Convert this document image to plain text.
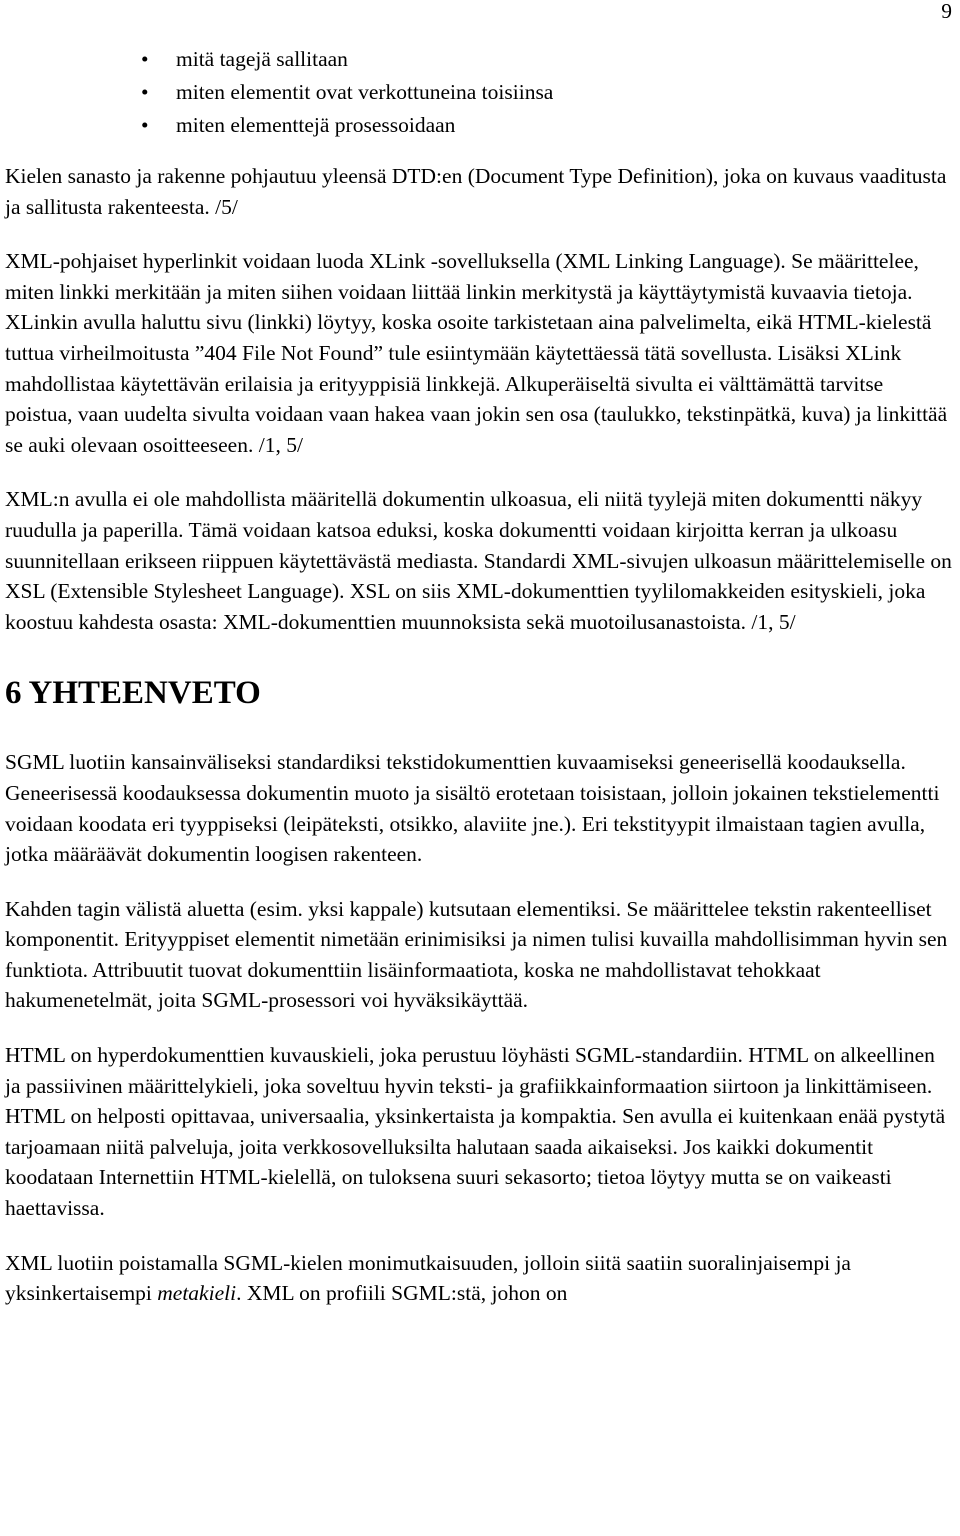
9
• mitä tagejä sallitaan
• miten elementit ovat verkottuneina toisiinsa
• miten elementtejä prosessoidaan

Kielen sanasto ja rakenne pohjautuu yleensä DTD:en (Document Type Definition), joka on kuvaus vaaditusta ja sallitusta rakenteesta. /5/

XML-pohjaiset hyperlinkit voidaan luoda XLink -sovelluksella (XML Linking Language). Se määrittelee, miten linkki merkitään ja miten siihen voidaan liittää linkin merkitystä ja käyttäytymistä kuvaavia tietoja. XLinkin avulla haluttu sivu (linkki) löytyy, koska osoite tarkistetaan aina palvelimelta, eikä HTML-kielestä tuttua virheilmoitusta ”404 File Not Found” tule esiintymään käytettäessä tätä sovellusta. Lisäksi XLink mahdollistaa käytettävän erilaisia ja erityyppisiä linkkejä. Alkuperäiseltä sivulta ei välttämättä tarvitse poistua, vaan uudelta sivulta voidaan vaan hakea vaan jokin sen osa (taulukko, tekstinpätkä, kuva) ja linkittää se auki olevaan osoitteeseen. /1, 5/

XML:n avulla ei ole mahdollista määritellä dokumentin ulkoasua, eli niitä tyylejä miten dokumentti näkyy ruudulla ja paperilla. Tämä voidaan katsoa eduksi, koska dokumentti voidaan kirjoitta kerran ja ulkoasu suunnitellaan erikseen riippuen käytettävästä mediasta. Standardi XML-sivujen ulkoasun määrittelemiselle on XSL (Extensible Stylesheet Language). XSL on siis XML-dokumenttien tyylilomakkeiden esityskieli, joka koostuu kahdesta osasta: XML-dokumenttien muunnoksista sekä muotoilusanastoista. /1, 5/

6 YHTEENVETO

SGML luotiin kansainväliseksi standardiksi tekstidokumenttien kuvaamiseksi geneerisellä koodauksella. Geneerisessä koodauksessa dokumentin muoto ja sisältö erotetaan toisistaan, jolloin jokainen tekstielementti voidaan koodata eri tyyppiseksi (leipäteksti, otsikko, alaviite jne.). Eri tekstityypit ilmaistaan tagien avulla, jotka määräävät dokumentin loogisen rakenteen.

Kahden tagin välistä aluetta (esim. yksi kappale) kutsutaan elementiksi. Se määrittelee tekstin rakenteelliset komponentit. Erityyppiset elementit nimetään erinimisiksi ja nimen tulisi kuvailla mahdollisimman hyvin sen funktiota. Attribuutit tuovat dokumenttiin lisäinformaatiota, koska ne mahdollistavat tehokkaat hakumenetelmät, joita SGML-prosessori voi hyväksikäyttää.

HTML on hyperdokumenttien kuvauskieli, joka perustuu löyhästi SGML-standardiin. HTML on alkeellinen ja passiivinen määrittelykieli, joka soveltuu hyvin teksti- ja grafiikkainformaation siirtoon ja linkittämiseen. HTML on helposti opittavaa, universaalia, yksinkertaista ja kompaktia. Sen avulla ei kuitenkaan enää pystytä tarjoamaan niitä palveluja, joita verkkosovelluksilta halutaan saada aikaiseksi. Jos kaikki dokumentit koodataan Internettiin HTML-kielellä, on tuloksena suuri sekasorto; tietoa löytyy mutta se on vaikeasti haettavissa.

XML luotiin poistamalla SGML-kielen monimutkaisuuden, jolloin siitä saatiin suoralinjaisempi ja yksinkertaisempi metakieli. XML on profiili SGML:stä, johon on
